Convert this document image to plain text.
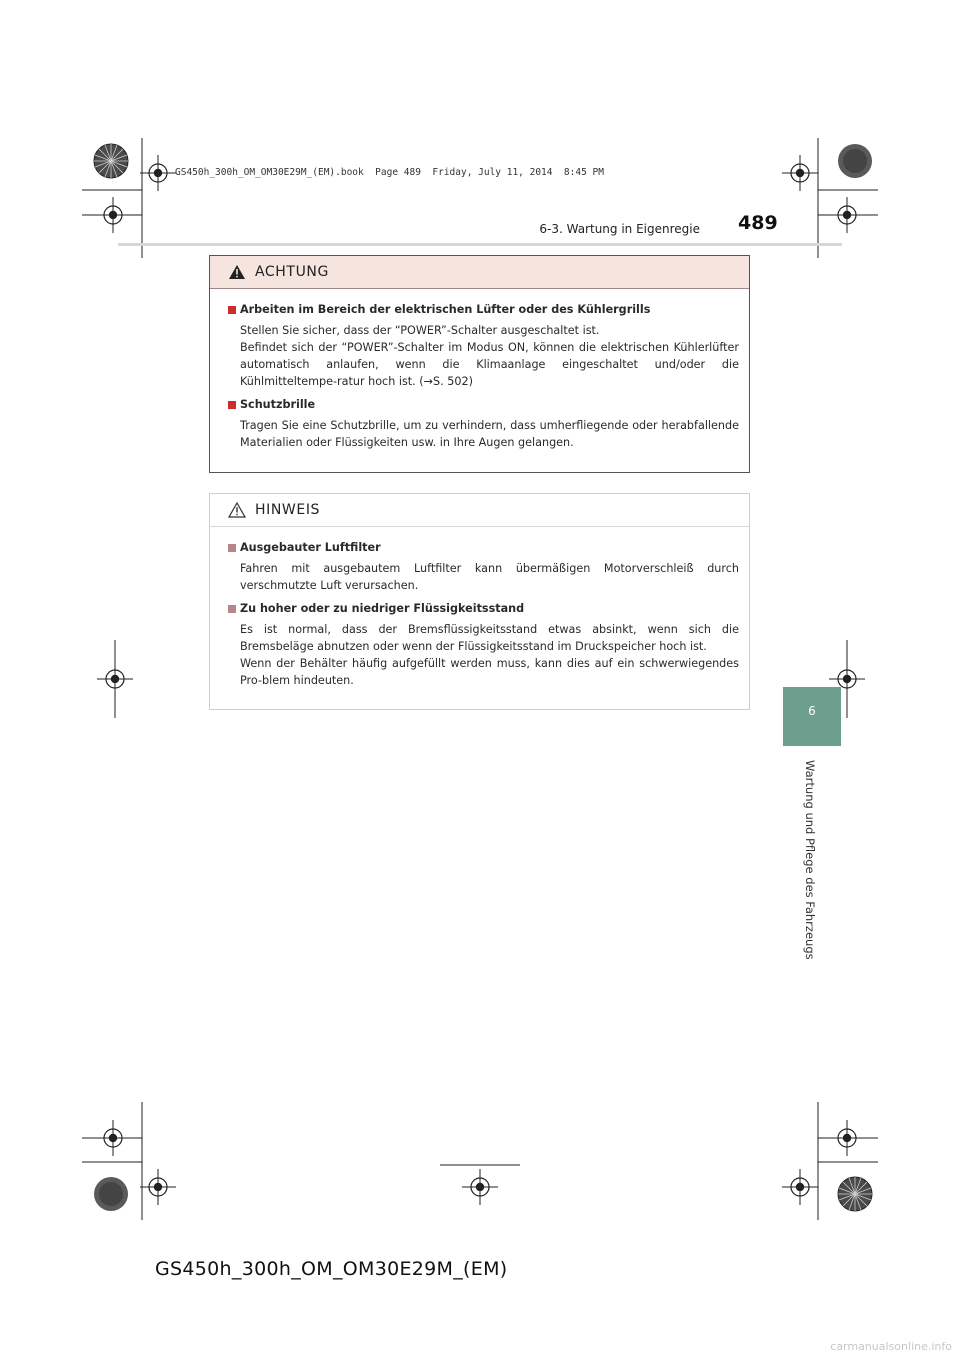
GS450h_300h_OM_OM30E29M_(EM).book  Page 489  Friday, July 11, 2014  8:45 PM
6-3. Wartung in Eigenregie 489
6
Wartung und Pflege des Fahrzeugs
ACHTUNG
Arbeiten im Bereich der elektrischen Lüfter oder des Kühlergrills

Stellen Sie sicher, dass der “POWER”-Schalter ausgeschaltet ist.

Befindet sich der “POWER”-Schalter im Modus ON, können die elektrischen Kühlerlüfter automatisch anlaufen, wenn die Klimaanlage eingeschaltet und/oder die Kühlmitteltempe-ratur hoch ist. (→S. 502)

Schutzbrille

Tragen Sie eine Schutzbrille, um zu verhindern, dass umherfliegende oder herabfallende Materialien oder Flüssigkeiten usw. in Ihre Augen gelangen.

HINWEIS
Ausgebauter Luftfilter

Fahren mit ausgebautem Luftfilter kann übermäßigen Motorverschleiß durch verschmutzte Luft verursachen.

Zu hoher oder zu niedriger Flüssigkeitsstand

Es ist normal, dass der Bremsflüssigkeitsstand etwas absinkt, wenn sich die Bremsbeläge abnutzen oder wenn der Flüssigkeitsstand im Druckspeicher hoch ist.

Wenn der Behälter häufig aufgefüllt werden muss, kann dies auf ein schwerwiegendes Pro-blem hindeuten.

GS450h_300h_OM_OM30E29M_(EM)
carmanualsonline.info
